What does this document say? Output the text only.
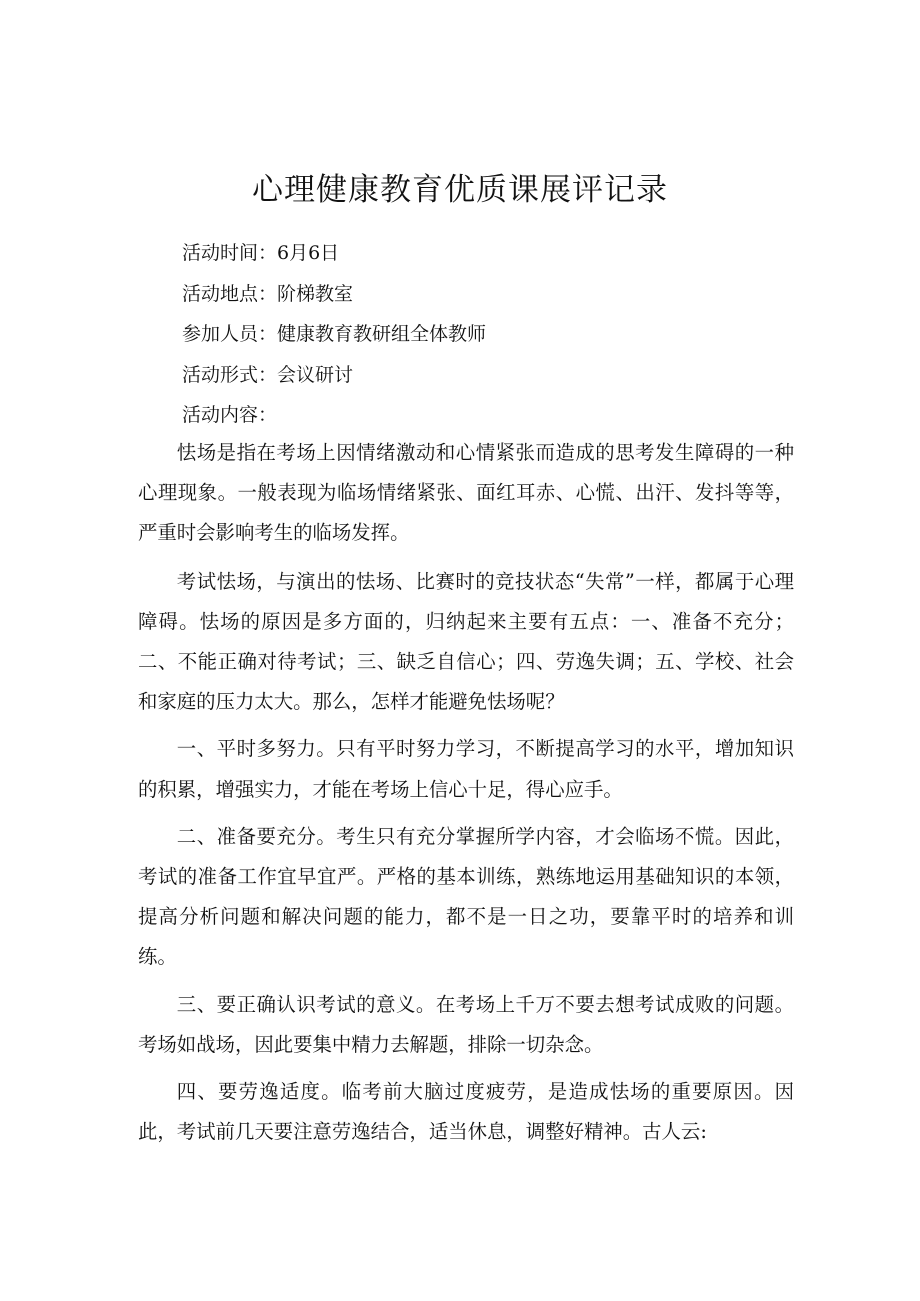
心理健康教育优质课展评记录
活动时间：6月6日
活动地点：阶梯教室
参加人员：健康教育教研组全体教师
活动形式：会议研讨
活动内容：

怯场是指在考场上因情绪激动和心情紧张而造成的思考发生障碍的一种心理现象。一般表现为临场情绪紧张、面红耳赤、心慌、出汗、发抖等等，严重时会影响考生的临场发挥。

考试怯场，与演出的怯场、比赛时的竞技状态“失常”一样，都属于心理障碍。怯场的原因是多方面的，归纳起来主要有五点：一、准备不充分；二、不能正确对待考试；三、缺乏自信心；四、劳逸失调；五、学校、社会和家庭的压力太大。那么，怎样才能避免怯场呢？

一、平时多努力。只有平时努力学习，不断提高学习的水平，增加知识的积累，增强实力，才能在考场上信心十足，得心应手。

二、准备要充分。考生只有充分掌握所学内容，才会临场不慌。因此，考试的准备工作宜早宜严。严格的基本训练，熟练地运用基础知识的本领，提高分析问题和解决问题的能力，都不是一日之功，要靠平时的培养和训练。

三、要正确认识考试的意义。在考场上千万不要去想考试成败的问题。考场如战场，因此要集中精力去解题，排除一切杂念。

四、要劳逸适度。临考前大脑过度疲劳，是造成怯场的重要原因。因此，考试前几天要注意劳逸结合，适当休息，调整好精神。古人云:
